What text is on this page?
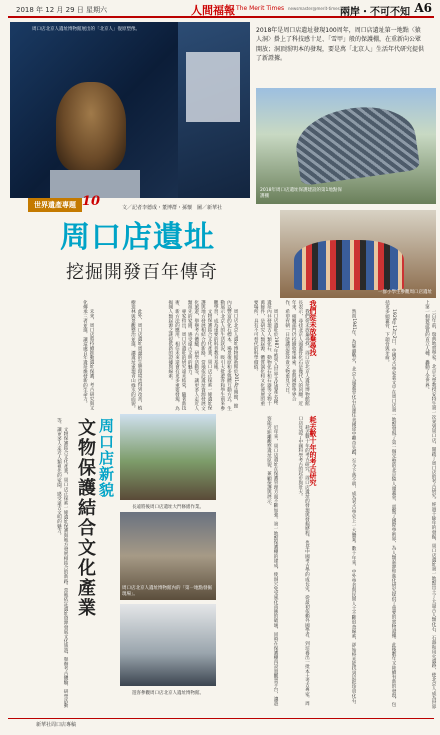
2018 年 12 月 29 日 星期六	人間福報 The Merit Times newsmaster@merit-times.com.tw
兩岸・不可不知 A6
周口店北京人遺址博物館展出的「北京人」復原塑像。	2018年是周口店遺址發現100周年，周口店遺址第一地點〈猿人洞〉掛上了科技感十足、「雪甲」般的保護棚，在重新向公眾開放；洞頂照明本的發現，要是萬「北京人」生活年代研究提供了新證據。
2018年周口店遺址保護建設的第1地點保護棚
世界遺產專題 10	文／記者李德成・董博群・孫懷　圖／新華社
周口店遺址
挖掘開發百年傳奇
一群小學生參觀周口店遺址

一百年前，瑞典地質學家、北京大學教授安特生第一次來到周口店，開啟了周口店的考古研究。經過十餘年的發掘，周口店遺址第一地點出土了大量古人類化石、石器和用火遺跡，使北京人成為世界上第一個被證實的直立人種，轟動了全世界。

1929年12月2日，中國考古學家裴文中在周口店第一地點發現了第一個完整的北京猿人頭蓋骨，震驚了國際學術界，為人類起源和進化研究提供了重要的實物證據。此後數年又陸續有新的發現，包括更多頭蓋骨、下頜骨與牙齒。

然而1941年，為躲避戰火，北京人頭蓋骨化石在運往美國途中離奇失蹤，至今下落不明，成為考古學史上一大懸案。數十年來，中外學者與民間人士不斷追查線索，卻始終未能找到這批珍貴化石。

我們從未放棄尋找

我們從未放棄尋找。周口店北京人遺址博物館館長表示，尋找北京人頭蓋骨化石是幾代人的夙願。近年來，相關部門仍持續收集線索，並與國際學界合作，希望有朝一日能讓這批珍貴文物重見天日。

周口店遺址於1987年被列入世界文化遺產名錄。遺址內共發現古人類化石、動物化石和石器等文物十萬餘件，是研究人類起源、體質演化和文化發展的重要場所，具有不可替代的科學價值。

耗去數十年的考古研究

耗去數十年的考古研究，周口店遺址的發現與發掘歷程，也是中國考古學的成長史。從最初依賴外國學者，到培養出一批本土考古專家，周口店見證了中國科學考古的起步與壯大。

近年來，周口店遺址在保護管理方面不斷加強。第一地點保護棚的建成，使洞穴免受風化雨蝕的破壞，同時在保護棚內設置觀景平台，讓遊客能近距離觀察遺址原貌，兼顧保護與展示。

周口店北京人遺址博物館新館於2014年開館，館內以豐富的化石標本、場景復原和多媒體互動方式，生動展示北京人的生活狀況，吸引大批遊客和學生前來參觀學習，成為重要的科普教育基地。

文物保護結合文化產業，周口店正探索一條遺址保護與地方發展相結合的新路。當地依託遺址資源發展文化旅遊，舉辦考古體驗、研學活動等，讓更多人走近人類祖先的家園，感受遠古文明的魅力。

專家指出，周口店遺址的研究遠未結束，隨著新技術、新方法的應用，相信未來還會有更多重要發現，為揭開人類起源之謎提供新的證據與線索。

此外，周口店遺址周邊的生態環境也得到改善，植樹造林與景觀整治並進，讓遺址重現青山綠水的面貌。

未來，周口店將持續推動遺址保護、考古研究與文化傳承三者並進，讓這處百年遺址煥發新的生命力。

文物保護結合文化產業，周口店正探索一條遺址保護與地方發展相結合的新路。當地依託遺址資源發展文化旅遊，舉辦考古體驗、研學活動等，讓更多人走近人類祖先的家園，感受遠古文明的魅力。	周口店新貌
文物保護結合文化產業	長遠將後周口店遺址大門修繕作業。
周口店北京人遺址博物館內的「第一地點發掘現場」。
遊客參觀周口店北京人遺址博物館。
新華社周口店專稿
